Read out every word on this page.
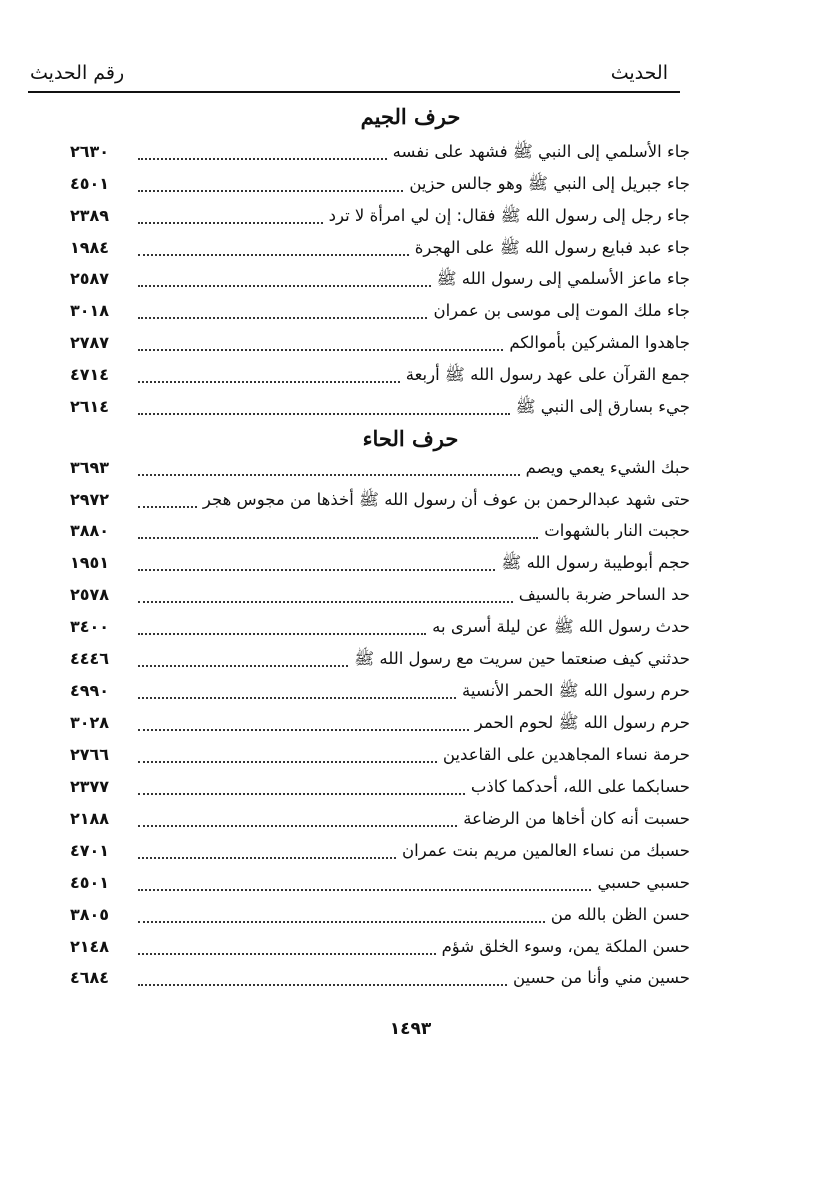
الحديث
رقم الحديث
حرف الجيم
جاء الأسلمي إلى النبي ﷺ فشهد على نفسه
٢٦٣٠
جاء جبريل إلى النبي ﷺ وهو جالس حزين
٤٥٠١
جاء رجل إلى رسول الله ﷺ فقال: إن لي امرأة لا ترد
٢٣٨٩
جاء عبد فبايع رسول الله ﷺ على الهجرة
١٩٨٤
جاء ماعز الأسلمي إلى رسول الله ﷺ
٢٥٨٧
جاء ملك الموت إلى موسى بن عمران
٣٠١٨
جاهدوا المشركين بأموالكم
٢٧٨٧
جمع القرآن على عهد رسول الله ﷺ أربعة
٤٧١٤
جيء بسارق إلى النبي ﷺ
٢٦١٤
حرف الحاء
حبك الشيء يعمي ويصم
٣٦٩٣
حتى شهد عبدالرحمن بن عوف أن رسول الله ﷺ أخذها من مجوس هجر
٢٩٧٢
حجبت النار بالشهوات
٣٨٨٠
حجم أبوطيبة رسول الله ﷺ
١٩٥١
حد الساحر ضربة بالسيف
٢٥٧٨
حدث رسول الله ﷺ عن ليلة أسرى به
٣٤٠٠
حدثني كيف صنعتما حين سريت مع رسول الله ﷺ
٤٤٤٦
حرم رسول الله ﷺ الحمر الأنسية
٤٩٩٠
حرم رسول الله ﷺ لحوم الحمر
٣٠٢٨
حرمة نساء المجاهدين على القاعدين
٢٧٦٦
حسابكما على الله، أحدكما كاذب
٢٣٧٧
حسبت أنه كان أخاها من الرضاعة
٢١٨٨
حسبك من نساء العالمين مريم بنت عمران
٤٧٠١
حسبي حسبي
٤٥٠١
حسن الظن بالله من
٣٨٠٥
حسن الملكة يمن، وسوء الخلق شؤم
٢١٤٨
حسين مني وأنا من حسين
٤٦٨٤
١٤٩٣
